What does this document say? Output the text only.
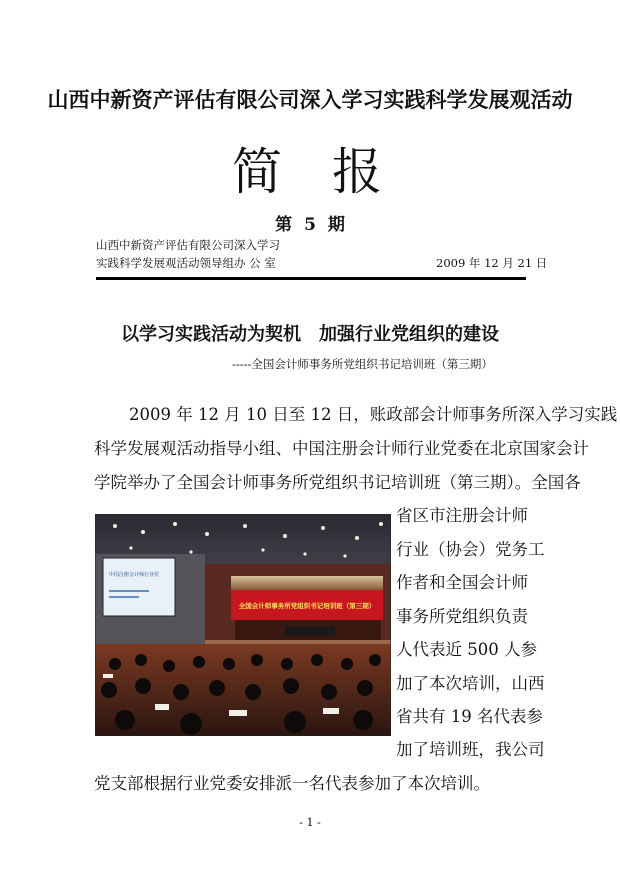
山西中新资产评估有限公司深入学习实践科学发展观活动
简 报
第 5 期
山西中新资产评估有限公司深入学习
实践科学发展观活动领导组办 公 室	2009 年 12 月 21 日
以学习实践活动为契机　加强行业党组织的建设
-----全国会计师事务所党组织书记培训班（第三期）
2009 年 12 月 10 日至 12 日，账政部会计师事务所深入学习实践
科学发展观活动指导小组、中国注册会计师行业党委在北京国家会计
学院举办了全国会计师事务所党组织书记培训班（第三期）。全国各
省区市注册会计师
行业（协会）党务工
作者和全国会计师
事务所党组织负责
人代表近 500 人参
加了本次培训，山西
省共有 19 名代表参
加了培训班，我公司
党支部根据行业党委安排派一名代表参加了本次培训。
中国注册会计师行业党
全国会计师事务所党组织书记培训班（第三期）
- 1 -
